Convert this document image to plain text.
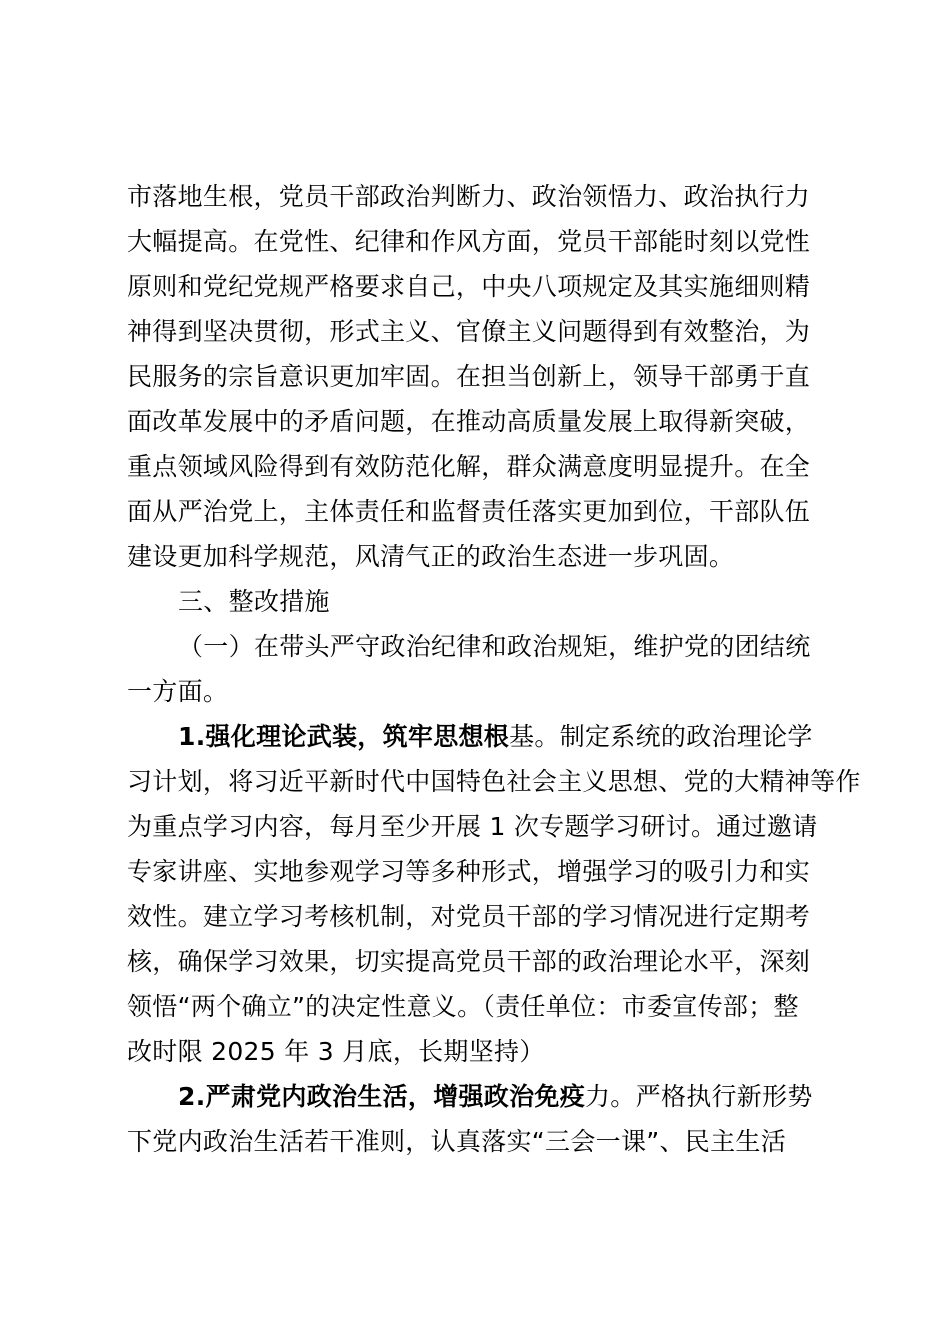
市落地生根，党员干部政治判断力、政治领悟力、政治执行力
大幅提高。在党性、纪律和作风方面，党员干部能时刻以党性
原则和党纪党规严格要求自己，中央八项规定及其实施细则精
神得到坚决贯彻，形式主义、官僚主义问题得到有效整治，为
民服务的宗旨意识更加牢固。在担当创新上，领导干部勇于直
面改革发展中的矛盾问题，在推动高质量发展上取得新突破，
重点领域风险得到有效防范化解，群众满意度明显提升。在全
面从严治党上，主体责任和监督责任落实更加到位，干部队伍
建设更加科学规范，风清气正的政治生态进一步巩固。
三、整改措施
（一）在带头严守政治纪律和政治规矩，维护党的团结统
一方面。
1.强化理论武装，筑牢思想根基。制定系统的政治理论学
习计划，将习近平新时代中国特色社会主义思想、党的大精神等作
为重点学习内容，每月至少开展 1 次专题学习研讨。通过邀请
专家讲座、实地参观学习等多种形式，增强学习的吸引力和实
效性。建立学习考核机制，对党员干部的学习情况进行定期考
核，确保学习效果，切实提高党员干部的政治理论水平，深刻
领悟“两个确立”的决定性意义。（责任单位：市委宣传部；整
改时限 2025 年 3 月底，长期坚持）
2.严肃党内政治生活，增强政治免疫力。严格执行新形势
下党内政治生活若干准则，认真落实“三会一课”、民主生活
